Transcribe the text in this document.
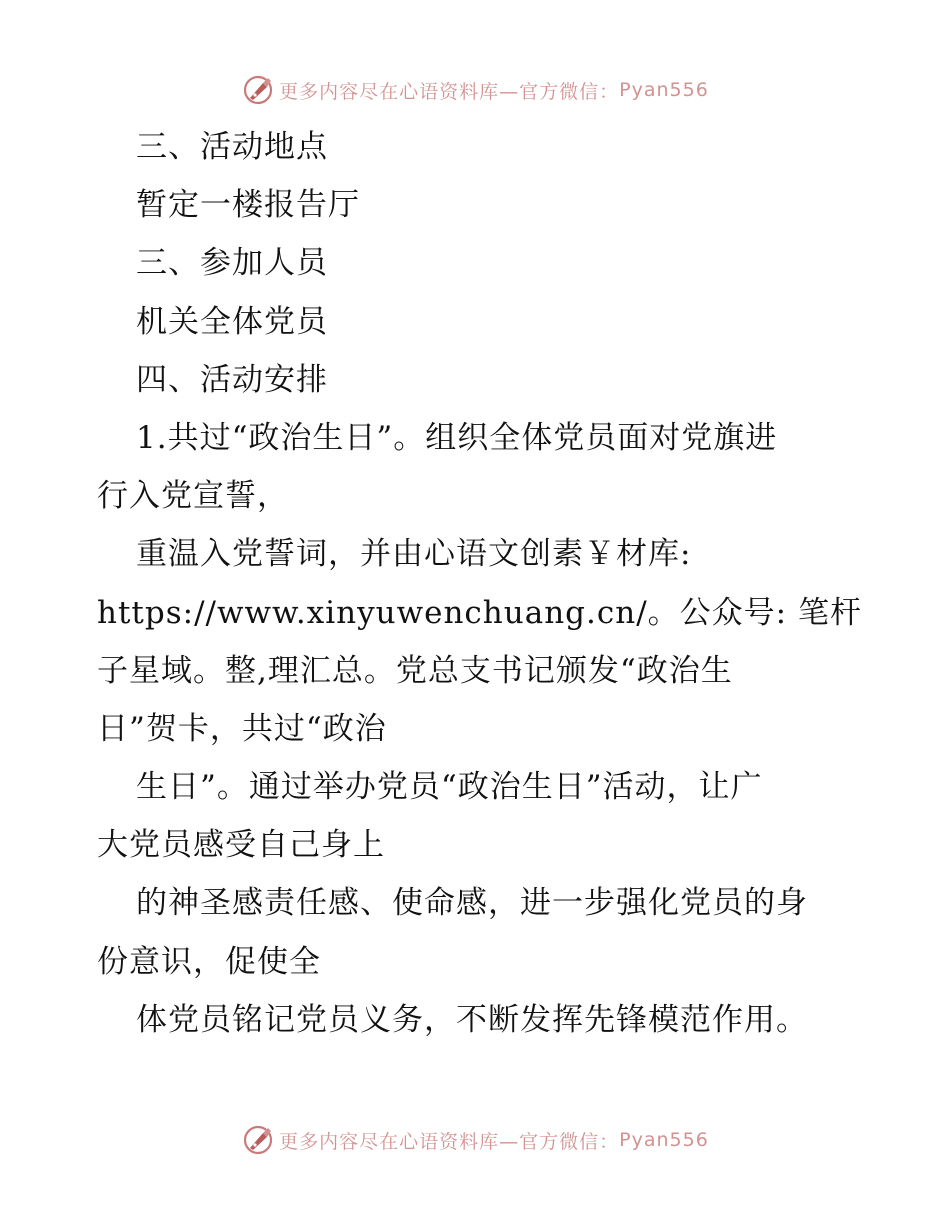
更多内容尽在心语资料库—官方微信： Pyan556
三、活动地点
暂定一楼报告厅
三、参加人员
机关全体党员
四、活动安排
1.共过“政治生日”。组织全体党员面对党旗进
行入党宣誓，
重温入党誓词，并由心语文创素￥材库:
https://www.xinyuwenchuang.cn/。公众号: 笔杆
子星域。整,理汇总。党总支书记颁发“政治生
日”贺卡，共过“政治
生日”。通过举办党员“政治生日”活动，让广
大党员感受自己身上
的神圣感责任感、使命感，进一步强化党员的身
份意识，促使全
体党员铭记党员义务，不断发挥先锋模范作用。
更多内容尽在心语资料库—官方微信： Pyan556
